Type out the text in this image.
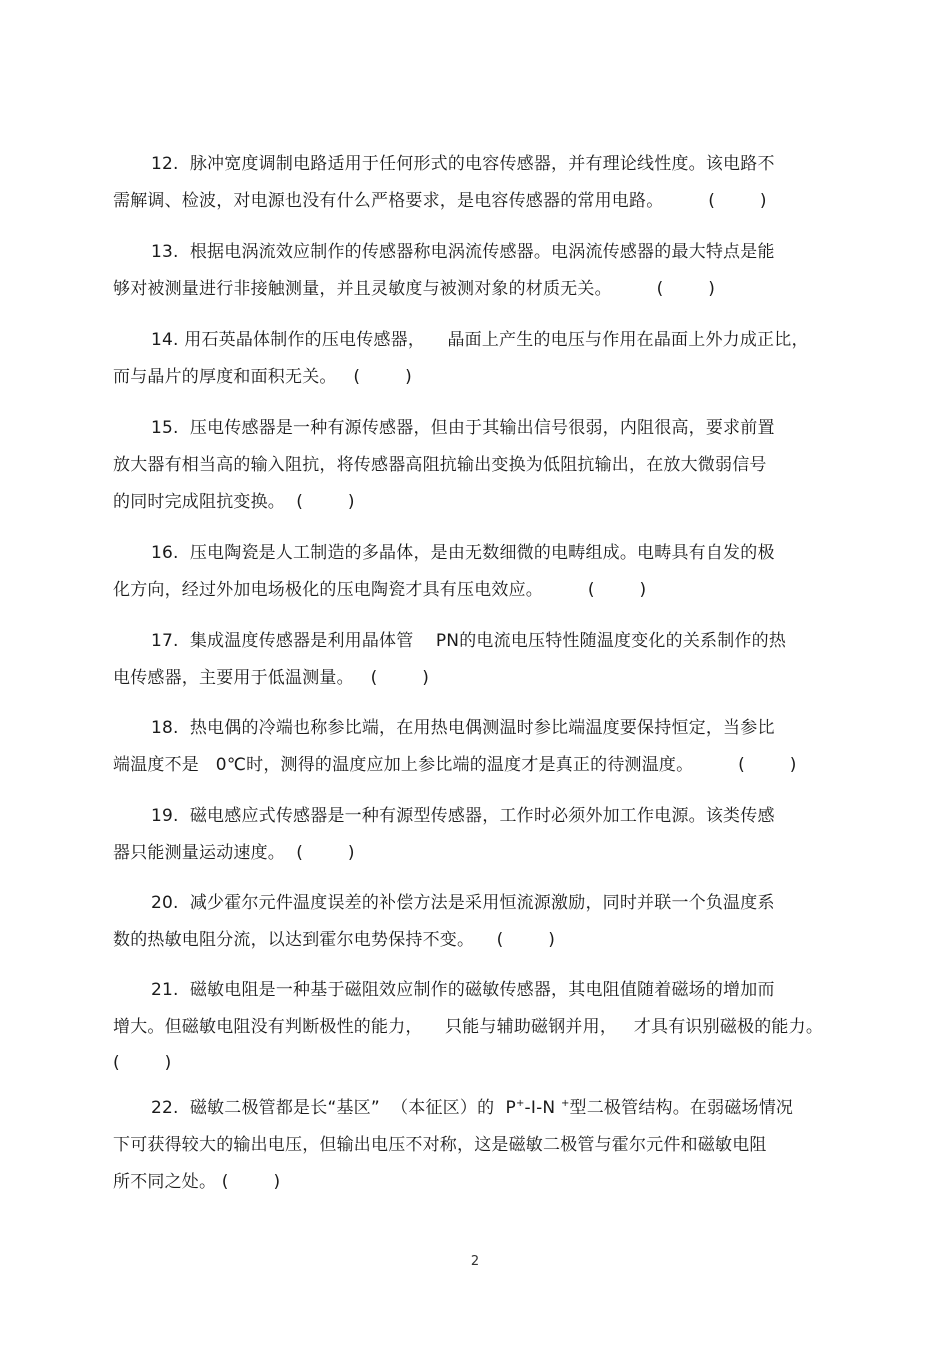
12.  脉冲宽度调制电路适用于任何形式的电容传感器，并有理论线性度。该电路不
需解调、检波，对电源也没有什么严格要求，是电容传感器的常用电路。        (        )
13.  根据电涡流效应制作的传感器称电涡流传感器。电涡流传感器的最大特点是能
够对被测量进行非接触测量，并且灵敏度与被测对象的材质无关。        (        )
14. 用石英晶体制作的压电传感器，    晶面上产生的电压与作用在晶面上外力成正比，
而与晶片的厚度和面积无关。   (        )
15.  压电传感器是一种有源传感器，但由于其输出信号很弱，内阻很高，要求前置
放大器有相当高的输入阻抗，将传感器高阻抗输出变换为低阻抗输出，在放大微弱信号
的同时完成阻抗变换。  (        )
16.  压电陶瓷是人工制造的多晶体，是由无数细微的电畴组成。电畴具有自发的极
化方向，经过外加电场极化的压电陶瓷才具有压电效应。        (        )
17.  集成温度传感器是利用晶体管    PN的电流电压特性随温度变化的关系制作的热
电传感器，主要用于低温测量。   (        )
18.  热电偶的冷端也称参比端，在用热电偶测温时参比端温度要保持恒定，当参比
端温度不是   0℃时，测得的温度应加上参比端的温度才是真正的待测温度。        (        )
19.  磁电感应式传感器是一种有源型传感器，工作时必须外加工作电源。该类传感
器只能测量运动速度。  (        )
20.  减少霍尔元件温度误差的补偿方法是采用恒流源激励，同时并联一个负温度系
数的热敏电阻分流，以达到霍尔电势保持不变。    (        )
21.  磁敏电阻是一种基于磁阻效应制作的磁敏传感器，其电阻值随着磁场的增加而
增大。但磁敏电阻没有判断极性的能力，    只能与辅助磁钢并用，   才具有识别磁极的能力。
(        )
22.  磁敏二极管都是长“基区”  （本征区）的  P+-I-N +型二极管结构。在弱磁场情况
下可获得较大的输出电压，但输出电压不对称，这是磁敏二极管与霍尔元件和磁敏电阻
所不同之处。 (        )
2
